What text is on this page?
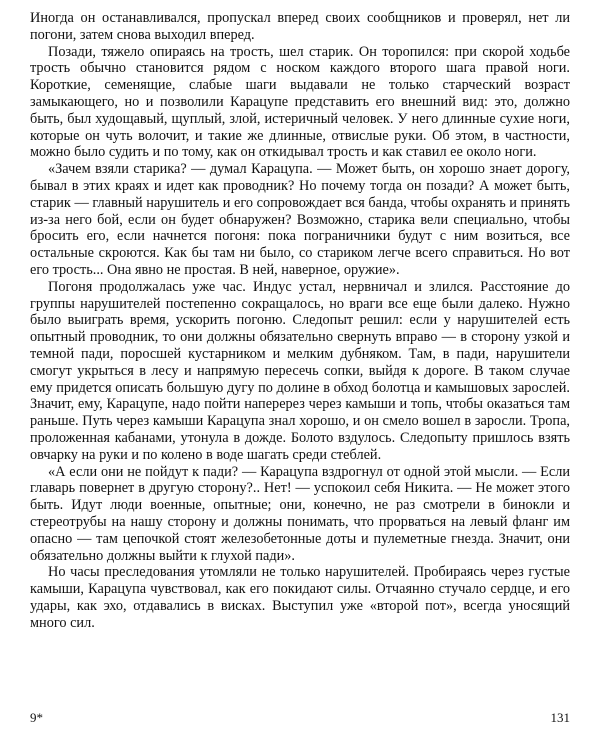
Иногда он останавливался, пропускал вперед своих сообщников и проверял, нет ли погони, затем снова выходил вперед.

Позади, тяжело опираясь на трость, шел старик. Он торопился: при скорой ходьбе трость обычно становится рядом с носком каждого второго шага правой ноги. Короткие, семенящие, слабые шаги выдавали не только старческий возраст замыкающего, но и позволили Карацупе представить его внешний вид: это, должно быть, был худощавый, щуплый, злой, истеричный человек. У него длинные сухие ноги, которые он чуть волочит, и такие же длинные, отвислые руки. Об этом, в частности, можно было судить и по тому, как он откидывал трость и как ставил ее около ноги.

«Зачем взяли старика? — думал Карацупа. — Может быть, он хорошо знает дорогу, бывал в этих краях и идет как проводник? Но почему тогда он позади? А может быть, старик — главный нарушитель и его сопровождает вся банда, чтобы охранять и принять из-за него бой, если он будет обнаружен? Возможно, старика вели специально, чтобы бросить его, если начнется погоня: пока пограничники будут с ним возиться, все остальные скроются. Как бы там ни было, со стариком легче всего справиться. Но вот его трость... Она явно не простая. В ней, наверное, оружие».

Погоня продолжалась уже час. Индус устал, нервничал и злился. Расстояние до группы нарушителей постепенно сокращалось, но враги все еще были далеко. Нужно было выиграть время, ускорить погоню. Следопыт решил: если у нарушителей есть опытный проводник, то они должны обязательно свернуть вправо — в сторону узкой и темной пади, поросшей кустарником и мелким дубняком. Там, в пади, нарушители смогут укрыться в лесу и напрямую пересечь сопки, выйдя к дороге. В таком случае ему придется описать большую дугу по долине в обход болотца и камышовых зарослей. Значит, ему, Карацупе, надо пойти наперерез через камыши и топь, чтобы оказаться там раньше. Путь через камыши Карацупа знал хорошо, и он смело вошел в заросли. Тропа, проложенная кабанами, утонула в дожде. Болото вздулось. Следопыту пришлось взять овчарку на руки и по колено в воде шагать среди стеблей.

«А если они не пойдут к пади? — Карацупа вздрогнул от одной этой мысли. — Если главарь повернет в другую сторону?.. Нет! — успокоил себя Никита. — Не может этого быть. Идут люди военные, опытные; они, конечно, не раз смотрели в бинокли и стереотрубы на нашу сторону и должны понимать, что прорваться на левый фланг им опасно — там цепочкой стоят железобетонные доты и пулеметные гнезда. Значит, они обязательно должны выйти к глухой пади».

Но часы преследования утомляли не только нарушителей. Пробираясь через густые камыши, Карацупа чувствовал, как его покидают силы. Отчаянно стучало сердце, и его удары, как эхо, отдавались в висках. Выступил уже «второй пот», всегда уносящий много сил.

9*	131
